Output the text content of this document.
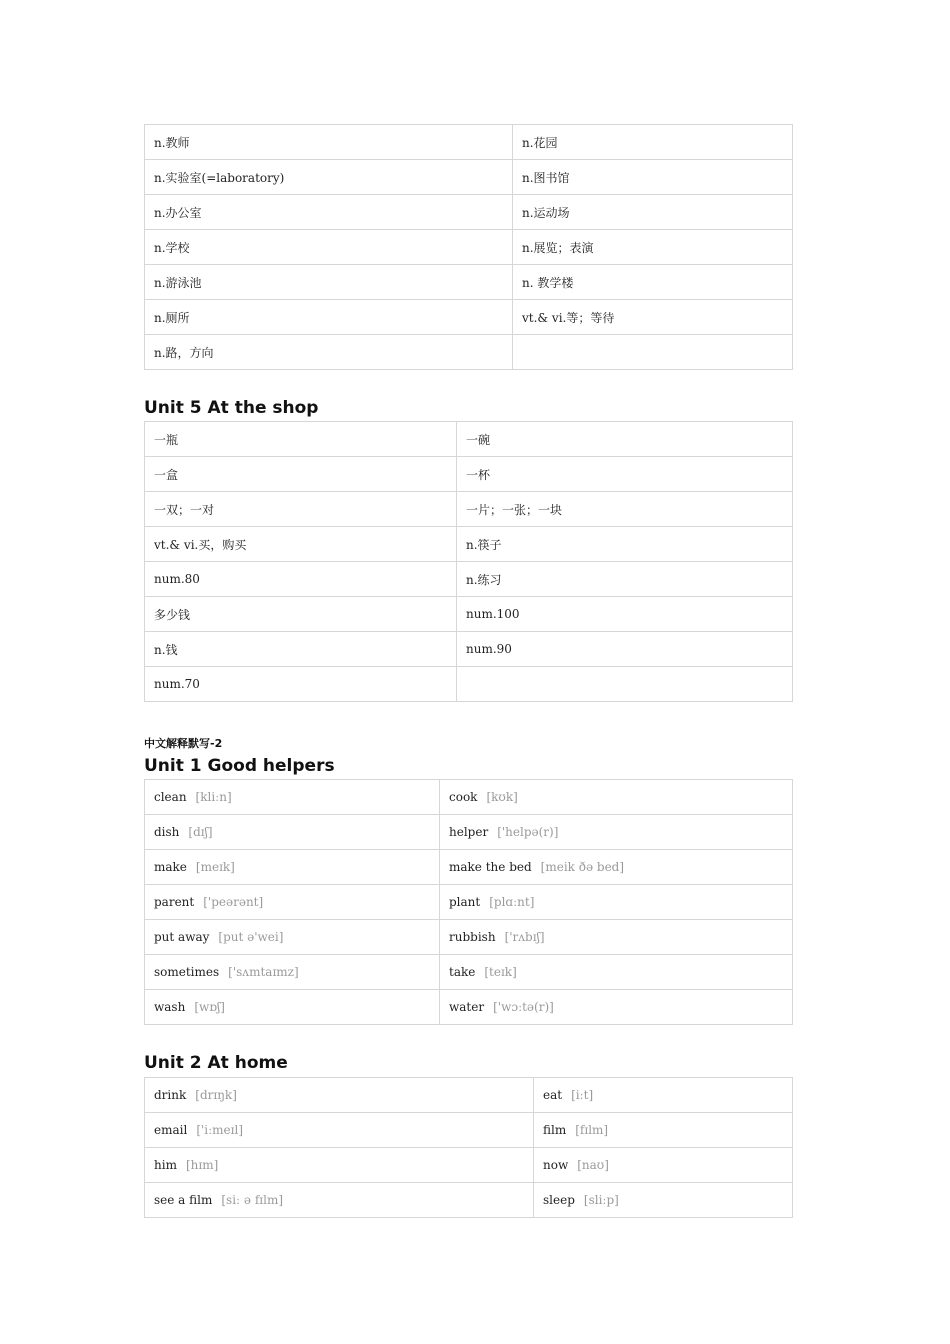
n.教师	n.花园
n.实验室(=laboratory)	n.图书馆
n.办公室	n.运动场
n.学校	n.展览；表演
n.游泳池	n. 教学楼
n.厕所	vt.& vi.等；等待
n.路，方向	
Unit 5 At the shop
一瓶	一碗
一盒	一杯
一双；一对	一片；一张；一块
vt.& vi.买，购买	n.筷子
num.80	n.练习
多少钱	num.100
n.钱	num.90
num.70	
中文解释默写-2
Unit 1 Good helpers
clean [kliːn]	cook [kʊk]
dish [dɪʃ]	helper ['helpə(r)]
make [meɪk]	make the bed [meik ðə bed]
parent ['peərənt]	plant [plɑːnt]
put away [put ə'wei]	rubbish ['rʌbɪʃ]
sometimes ['sʌmtaɪmz]	take [teɪk]
wash [wɒʃ]	water ['wɔːtə(r)]
Unit 2 At home
drink [drɪŋk]	eat [iːt]
email ['iːmeɪl]	film [fɪlm]
him [hɪm]	now [naʊ]
see a film [siː ə fɪlm]	sleep [sliːp]
